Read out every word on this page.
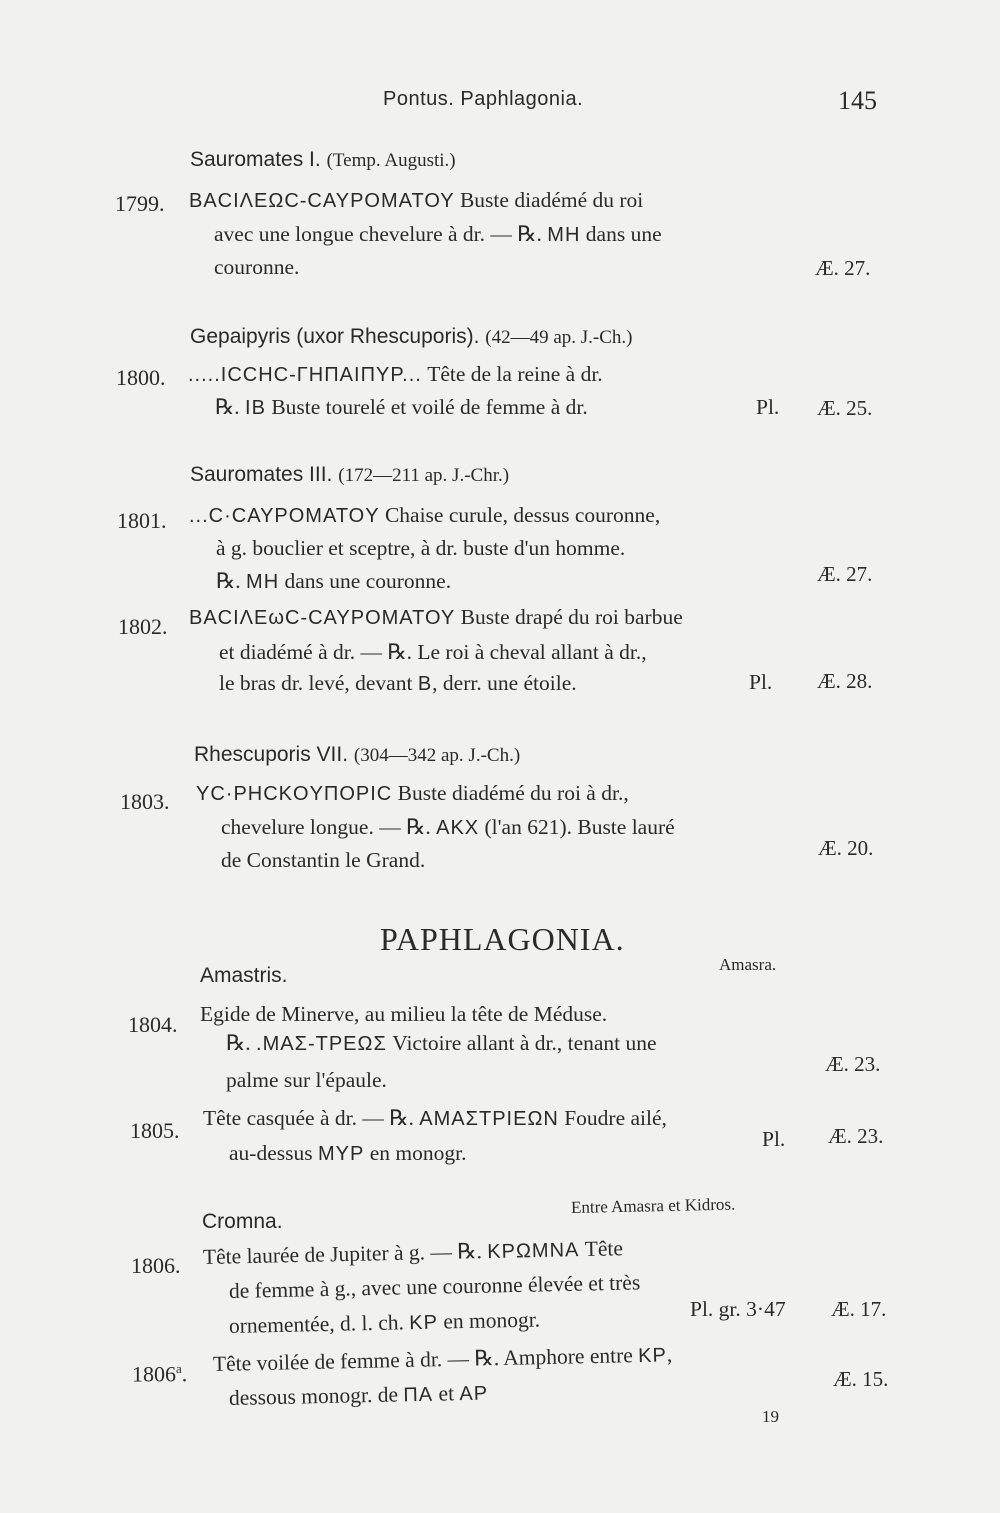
Pontus. Paphlagonia.	145
Sauromates I. (Temp. Augusti.)
1799. ΒΑϹΙΛΕΩϹ-ϹΑΥΡΟΜΑΤΟΥ Buste diadémé du roi
avec une longue chevelure à dr. — ℞. MH dans une
couronne.	Æ. 27.
Gepaipyris (uxor Rhescuporis). (42—49 ap. J.-Ch.)
1800. .....ICCHC-ΓΗΠΑΙΠΥΡ... Tête de la reine à dr.
℞. IB Buste tourelé et voilé de femme à dr.	Pl. Æ. 25.
Sauromates III. (172—211 ap. J.-Chr.)
1801. ...C·CAYPOMATOY Chaise curule, dessus couronne,
à g. bouclier et sceptre, à dr. buste d'un homme.
℞. MH dans une couronne.	Æ. 27.
1802. ΒΑϹΙΛΕωϹ-ϹΑΥΡΟΜΑΤΟΥ Buste drapé du roi barbue
et diadémé à dr. — ℞. Le roi à cheval allant à dr.,
le bras dr. levé, devant B, derr. une étoile.	Pl. Æ. 28.
Rhescuporis VII. (304—342 ap. J.-Ch.)
1803. YC·PHCKOYΠOPIC Buste diadémé du roi à dr.,
chevelure longue. — ℞. AKX (l'an 621). Buste lauré
de Constantin le Grand.	Æ. 20.
PAPHLAGONIA.
Amastris.	Amasra.
1804. Egide de Minerve, au milieu la tête de Méduse.
℞. .ΜΑΣ-ΤΡΕΩΣ Victoire allant à dr., tenant une
palme sur l'épaule.
Æ. 23.
1805. Tête casquée à dr. — ℞. ΑΜΑΣΤΡΙΕΩΝ Foudre ailé,
au-dessus MYP en monogr.
Pl. Æ. 23.
Cromna.
Entre Amasra et Kidros.
1806. Tête laurée de Jupiter à g. — ℞. ΚΡΩΜΝΑ Tête
de femme à g., avec une couronne élevée et très
ornementée, d. l. ch. KP en monogr.	Pl. gr. 3·47 Æ. 17.
1806$^a$. Tête voilée de femme à dr. — ℞. Amphore entre KP,
dessous monogr. de ΠΑ et AP
Æ. 15.
19
